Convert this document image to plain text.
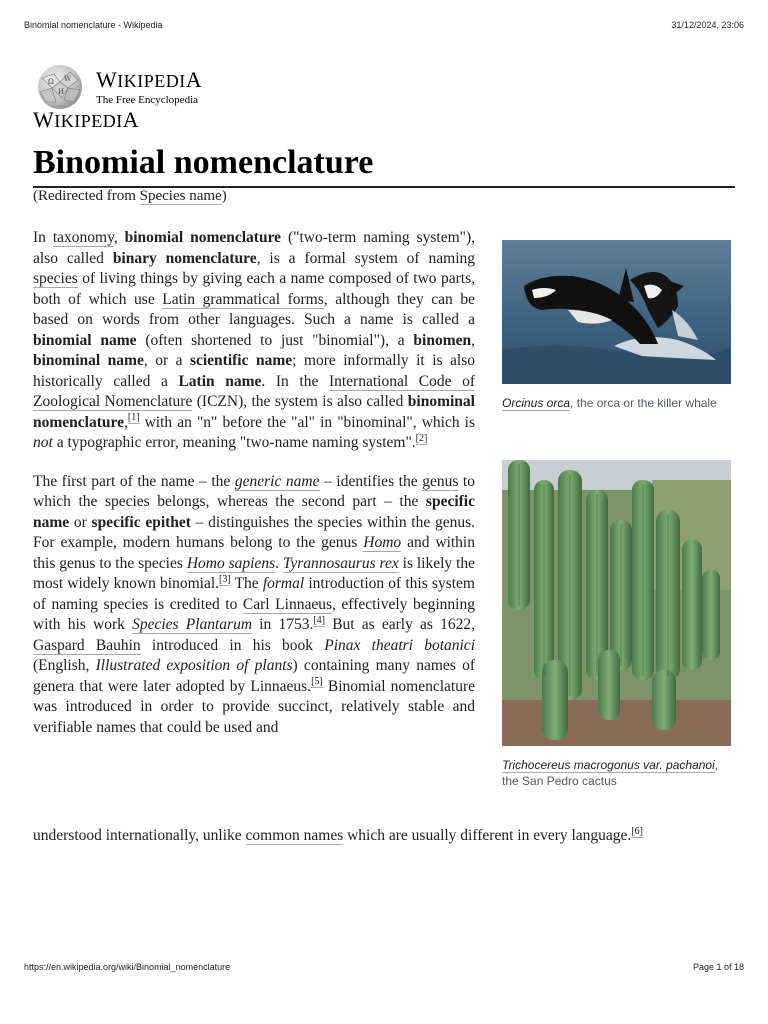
Binomial nomenclature - Wikipedia	31/12/2024, 23:06
Ω W
И
WIKIPEDIA
The Free Encyclopedia
WIKIPEDIA
Binomial nomenclature
(Redirected from Species name)

In taxonomy, binomial nomenclature ("two-term naming system"), also called binary nomenclature, is a formal system of naming species of living things by giving each a name composed of two parts, both of which use Latin grammatical forms, although they can be based on words from other languages. Such a name is called a binomial name (often shortened to just "binomial"), a binomen, binominal name, or a scientific name; more informally it is also historically called a Latin name. In the International Code of Zoological Nomenclature (ICZN), the system is also called binominal nomenclature,[1] with an "n" before the "al" in "binominal", which is not a typographic error, meaning "two-name naming system".[2]

The first part of the name – the generic name – identifies the genus to which the species belongs, whereas the second part – the specific name or specific epithet – distinguishes the species within the genus. For example, modern humans belong to the genus Homo and within this genus to the species Homo sapiens. Tyrannosaurus rex is likely the most widely known binomial.[3] The formal introduction of this system of naming species is credited to Carl Linnaeus, effectively beginning with his work Species Plantarum in 1753.[4] But as early as 1622, Gaspard Bauhin introduced in his book Pinax theatri botanici (English, Illustrated exposition of plants) containing many names of genera that were later adopted by Linnaeus.[5] Binomial nomenclature was introduced in order to provide succinct, relatively stable and verifiable names that could be used and

understood internationally, unlike common names which are usually different in every language.[6]
Orcinus orca, the orca or the killer whale
Trichocereus macrogonus var. pachanoi, the San Pedro cactus
https://en.wikipedia.org/wiki/Binomial_nomenclature	Page 1 of 18
